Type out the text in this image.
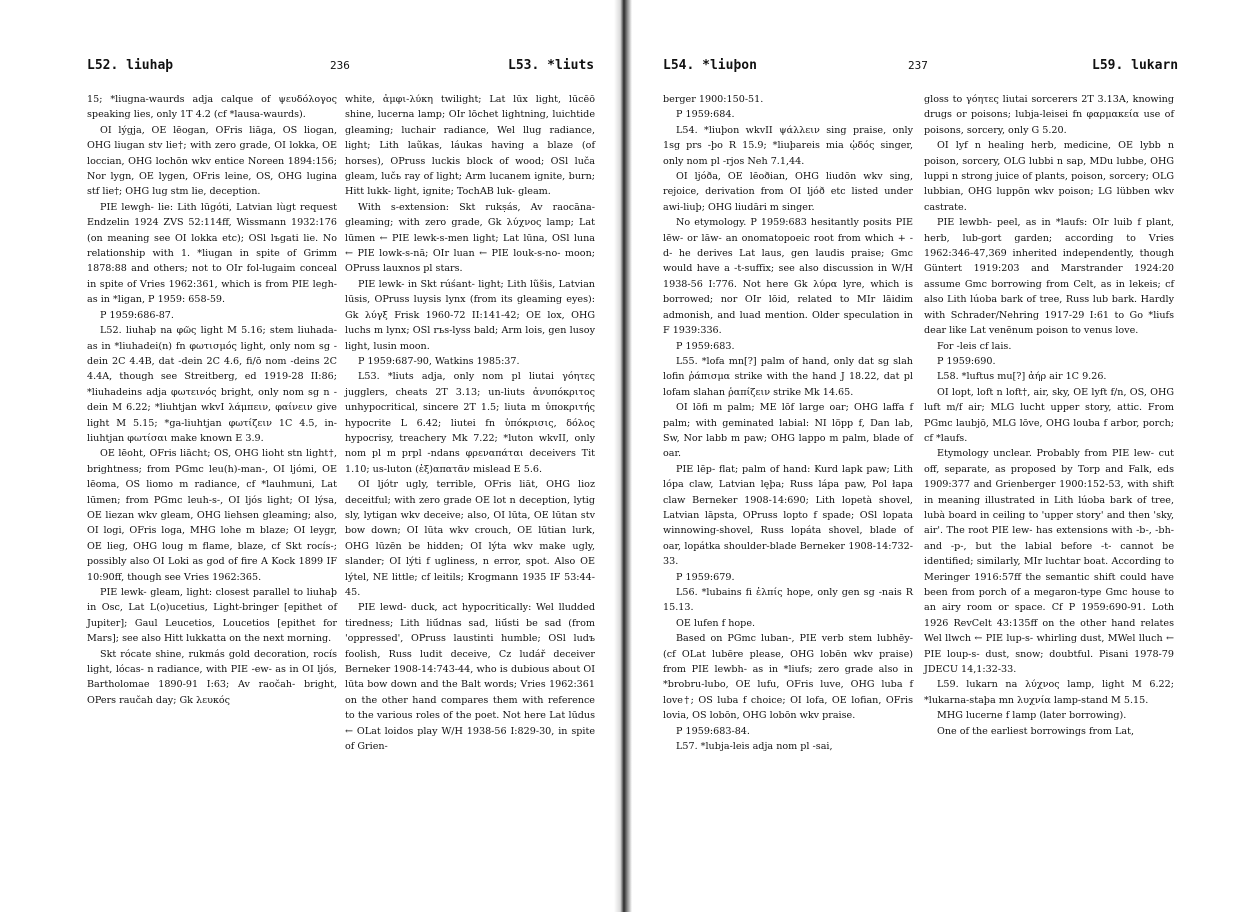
L52. liuhaþ	236	L53. *liuts

15; *liugna-waurds adja calque of ψευδόλογος speaking lies, only 1T 4.2 (cf *lausa-waurds).

OI lýgja, OE lēogan, OFris liāga, OS liogan, OHG liugan stv lie†; with zero grade, OI lokka, OE loccian, OHG lochōn wkv entice Noreen 1894:156; Nor lygn, OE lygen, OFris leine, OS, OHG lugina stf lie†; OHG lug stm lie, deception.

PIE lewgh- lie: Lith lūgóti, Latvian lùgt request Endzelin 1924 ZVS 52:114ff, Wissmann 1932:176 (on meaning see OI lokka etc); OSl lъgati lie. No relationship with 1. *liugan in spite of Grimm 1878:88 and others; not to OIr fol-lugaim conceal in spite of Vries 1962:361, which is from PIE legh- as in *ligan, P 1959: 658-59.

P 1959:686-87.

L52. liuhaþ na φῶς light M 5.16; stem liuhada- as in *liuhadei(n) fn φωτισμός light, only nom sg -dein 2C 4.4B, dat -dein 2C 4.6, fi/ō nom -deins 2C 4.4A, though see Streitberg, ed 1919-28 II:86; *liuhadeins adja φωτεινός bright, only nom sg n -dein M 6.22; *liuhtjan wkvI λάμπειν, φαίνειν give light M 5.15; *ga-liuhtjan φωτίζειν 1C 4.5, in-liuhtjan φωτίσαι make known E 3.9.

OE lēoht, OFris liācht; OS, OHG lioht stn light†, brightness; from PGmc leu(h)-man-, OI ljómi, OE lēoma, OS liomo m radiance, cf *lauhmuni, Lat lūmen; from PGmc leuh-s-, OI ljós light; OI lýsa, OE liezan wkv gleam, OHG liehsen gleaming; also, OI logi, OFris loga, MHG lohe m blaze; OI leygr, OE lieg, OHG loug m flame, blaze, cf Skt rocís-; possibly also OI Loki as god of fire A Kock 1899 IF 10:90ff, though see Vries 1962:365.

PIE lewk- gleam, light: closest parallel to liuhaþ in Osc, Lat L(o)ucetius, Light-bringer [epithet of Jupiter]; Gaul Leucetios, Loucetios [epithet for Mars]; see also Hitt lukkatta on the next morning.

Skt rócate shine, rukmás gold decoration, rocís light, lócas- n radiance, with PIE -ew- as in OI ljós, Bartholomae 1890-91 I:63; Av raočah- bright, OPers raučah day; Gk λευκός

white, ἀμφι-λύκη twilight; Lat lūx light, lūcēō shine, lucerna lamp; OIr lōchet lightning, luichtide gleaming; luchair radiance, Wel llug radiance, light; Lith laũkas, láukas having a blaze (of horses), OPruss luckis block of wood; OSl luča gleam, lučь ray of light; Arm lucanem ignite, burn; Hitt lukk- light, ignite; TochAB luk- gleam.

With s-extension: Skt rukṣás, Av raocāna- gleaming; with zero grade, Gk λύχνος lamp; Lat lūmen ← PIE lewk-s-men light; Lat lūna, OSl luna ← PIE lowk-s-nā; OIr luan ← PIE louk-s-no- moon; OPruss lauxnos pl stars.

PIE lewk- in Skt rúśant- light; Lith lũšis, Latvian lūsis, OPruss luysis lynx (from its gleaming eyes): Gk λύγξ Frisk 1960-72 II:141-42; OE lox, OHG luchs m lynx; OSl rъs-lyss bald; Arm lois, gen lusoy light, lusin moon.

P 1959:687-90, Watkins 1985:37.

L53. *liuts adja, only nom pl liutai γόητες jugglers, cheats 2T 3.13; un-liuts ἀνυπόκριτος unhypocritical, sincere 2T 1.5; liuta m ὑποκριτής hypocrite L 6.42; liutei fn ὑπόκρισις, δόλος hypocrisy, treachery Mk 7.22; *luton wkvII, only nom pl m prpl -ndans φρεναπάται deceivers Tit 1.10; us-luton (ἐξ)απατᾶν mislead E 5.6.

OI ljótr ugly, terrible, OFris liāt, OHG lioz deceitful; with zero grade OE lot n deception, lytig sly, lytigan wkv deceive; also, OI lūta, OE lūtan stv bow down; OI lūta wkv crouch, OE lūtian lurk, OHG lūzēn be hidden; OI lýta wkv make ugly, slander; OI lýti f ugliness, n error, spot. Also OE lýtel, NE little; cf leitils; Krogmann 1935 IF 53:44-45.

PIE lewd- duck, act hypocritically: Wel lludded tiredness; Lith liū́dnas sad, liū́sti be sad (from 'oppressed', OPruss laustinti humble; OSl ludъ foolish, Russ ludit deceive, Cz ludář deceiver Berneker 1908-14:743-44, who is dubious about OI lūta bow down and the Balt words; Vries 1962:361 on the other hand compares them with reference to the various roles of the poet. Not here Lat lūdus ← OLat loidos play W/H 1938-56 I:829-30, in spite of Grien-

L54. *liuþon	237	L59. lukarn

berger 1900:150-51.

P 1959:684.

L54. *liuþon wkvII ψάλλειν sing praise, only 1sg prs -þo R 15.9; *liuþareis mia ᾠδός singer, only nom pl -rjos Neh 7.1,44.

OI ljóða, OE lēoðian, OHG liudōn wkv sing, rejoice, derivation from OI ljóð etc listed under awi-liuþ; OHG liudāri m singer.

No etymology. P 1959:683 hesitantly posits PIE lēw- or lāw- an onomatopoeic root from which + -d- he derives Lat laus, gen laudis praise; Gmc would have a -t-suffix; see also discussion in W/H 1938-56 I:776. Not here Gk λύρα lyre, which is borrowed; nor OIr lōid, related to MIr lāidim admonish, and luad mention. Older speculation in F 1939:336.

P 1959:683.

L55. *lofa mn[?] palm of hand, only dat sg slah lofin ῥάπισμα strike with the hand J 18.22, dat pl lofam slahan ῥαπίζειν strike Mk 14.65.

OI lōfi m palm; ME lōf large oar; OHG laffa f palm; with geminated labial: NI löpp f, Dan lab, Sw, Nor labb m paw; OHG lappo m palm, blade of oar.

PIE lēp- flat; palm of hand: Kurd lapk paw; Lith lópa claw, Latvian lęþa; Russ lápa paw, Pol łapa claw Berneker 1908-14:690; Lith lopetà shovel, Latvian lāpsta, OPruss lopto f spade; OSl lopata winnowing-shovel, Russ lopáta shovel, blade of oar, lopátka shoulder-blade Berneker 1908-14:732-33.

P 1959:679.

L56. *lubains fi ἐλπίς hope, only gen sg -nais R 15.13.

OE lufen f hope.

Based on PGmc luban-, PIE verb stem lubhēy- (cf OLat lubēre please, OHG lobēn wkv praise) from PIE lewbh- as in *liufs; zero grade also in *brobru-lubo, OE lufu, OFris luve, OHG luba f love†; OS luba f choice; OI lofa, OE lofian, OFris lovia, OS lobōn, OHG lobōn wkv praise.

P 1959:683-84.

L57. *lubja-leis adja nom pl -sai,

gloss to γόητες liutai sorcerers 2T 3.13A, knowing drugs or poisons; lubja-leisei fn φαρμακεία use of poisons, sorcery, only G 5.20.

OI lyf n healing herb, medicine, OE lybb n poison, sorcery, OLG lubbi n sap, MDu lubbe, OHG luppi n strong juice of plants, poison, sorcery; OLG lubbian, OHG luppōn wkv poison; LG lübben wkv castrate.

PIE lewbh- peel, as in *laufs: OIr luib f plant, herb, lub-gort garden; according to Vries 1962:346-47,369 inherited independently, though Güntert 1919:203 and Marstrander 1924:20 assume Gmc borrowing from Celt, as in lekeis; cf also Lith lúoba bark of tree, Russ lub bark. Hardly with Schrader/Nehring 1917-29 I:61 to Go *liufs dear like Lat venēnum poison to venus love.

For -leis cf lais.

P 1959:690.

L58. *luftus mu[?] ἀήρ air 1C 9.26.

OI lopt, loft n loft†, air, sky, OE lyft f/n, OS, OHG luft m/f air; MLG lucht upper story, attic. From PGmc laubjō, MLG lōve, OHG louba f arbor, porch; cf *laufs.

Etymology unclear. Probably from PIE lew- cut off, separate, as proposed by Torp and Falk, eds 1909:377 and Grienberger 1900:152-53, with shift in meaning illustrated in Lith lúoba bark of tree, lubà board in ceiling to 'upper story' and then 'sky, air'. The root PIE lew- has extensions with -b-, -bh- and -p-, but the labial before -t- cannot be identified; similarly, MIr luchtar boat. According to Meringer 1916:57ff the semantic shift could have been from porch of a megaron-type Gmc house to an airy room or space. Cf P 1959:690-91. Loth 1926 RevCelt 43:135ff on the other hand relates Wel llwch ← PIE lup-s- whirling dust, MWel lluch ← PIE loup-s- dust, snow; doubtful. Pisani 1978-79 JDECU 14,1:32-33.

L59. lukarn na λύχνος lamp, light M 6.22; *lukarna-staþa mn λυχνία lamp-stand M 5.15.

MHG lucerne f lamp (later borrowing).

One of the earliest borrowings from Lat,
